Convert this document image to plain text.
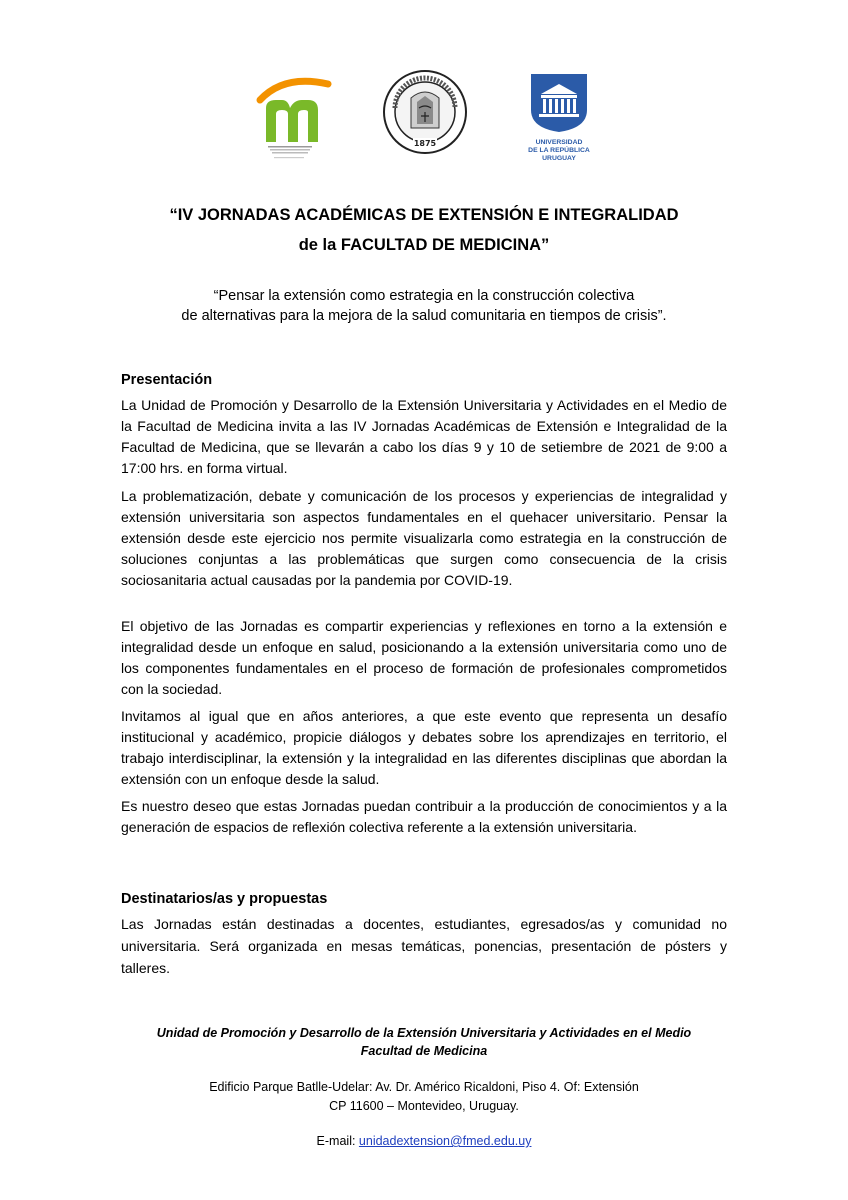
1875	UNIVERSIDAD
DE LA REPÚBLICA
URUGUAY
“IV JORNADAS ACADÉMICAS DE EXTENSIÓN E INTEGRALIDAD
de la FACULTAD DE MEDICINA”
“Pensar la extensión como estrategia en la construcción colectiva
de alternativas para la mejora de la salud comunitaria en tiempos de crisis”.
Presentación
La Unidad de Promoción y Desarrollo de la Extensión Universitaria y Actividades en el Medio de la Facultad de Medicina invita a las IV Jornadas Académicas de Extensión e Integralidad de la Facultad de Medicina, que se llevarán a cabo los días 9 y 10 de setiembre de 2021 de 9:00 a 17:00 hrs. en forma virtual.
La problematización, debate y comunicación de los procesos y experiencias de integralidad y extensión universitaria son aspectos fundamentales en el quehacer universitario. Pensar la extensión desde este ejercicio nos permite visualizarla como estrategia en la construcción de soluciones conjuntas a las problemáticas que surgen como consecuencia de la crisis sociosanitaria actual causadas por la pandemia por COVID-19.
El objetivo de las Jornadas es compartir experiencias y reflexiones en torno a la extensión e integralidad desde un enfoque en salud, posicionando a la extensión universitaria como uno de los componentes fundamentales en el proceso de formación de profesionales comprometidos con la sociedad.
Invitamos al igual que en años anteriores, a que este evento que representa un desafío institucional y académico, propicie diálogos y debates sobre los aprendizajes en territorio, el trabajo interdisciplinar, la extensión y la integralidad en las diferentes disciplinas que abordan la extensión con un enfoque desde la salud.
Es nuestro deseo que estas Jornadas puedan contribuir a la producción de conocimientos y a la generación de espacios de reflexión colectiva referente a la extensión universitaria.
Destinatarios/as y propuestas
Las Jornadas están destinadas a docentes, estudiantes, egresados/as y comunidad no universitaria. Será organizada en mesas temáticas, ponencias, presentación de pósters y talleres.
Unidad de Promoción y Desarrollo de la Extensión Universitaria y Actividades en el Medio
Facultad de Medicina
Edificio Parque Batlle-Udelar: Av. Dr. Américo Ricaldoni, Piso 4. Of: Extensión
CP 11600 – Montevideo, Uruguay.
E-mail: unidadextension@fmed.edu.uy
